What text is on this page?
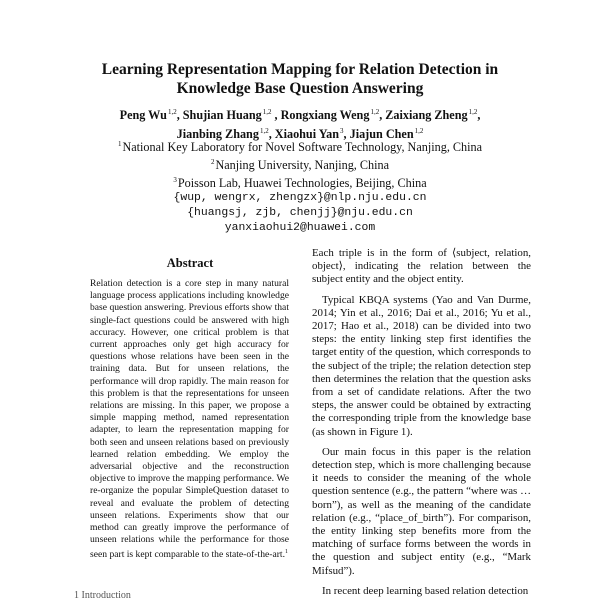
Learning Representation Mapping for Relation Detection in
Knowledge Base Question Answering
Peng Wu$^{1,2}$, Shujian Huang$^{1,2}$ , Rongxiang Weng$^{1,2}$, Zaixiang Zheng$^{1,2}$,
Jianbing Zhang$^{1,2}$, Xiaohui Yan$^3$, Jiajun Chen$^{1,2}$
$^1$National Key Laboratory for Novel Software Technology, Nanjing, China
$^2$Nanjing University, Nanjing, China
$^3$Poisson Lab, Huawei Technologies, Beijing, China
{wup, wengrx, zhengzx}@nlp.nju.edu.cn
{huangsj, zjb, chenjj}@nju.edu.cn
yanxiaohui2@huawei.com
Abstract
Relation detection is a core step in many natural language process applications including knowledge base question answering. Previous efforts show that single-fact questions could be answered with high accuracy. However, one critical problem is that current approaches only get high accuracy for questions whose relations have been seen in the training data. But for unseen relations, the performance will drop rapidly. The main reason for this problem is that the representations for unseen relations are missing. In this paper, we propose a simple mapping method, named representation adapter, to learn the representation mapping for both seen and unseen relations based on previously learned relation embedding. We employ the adversarial objective and the reconstruction objective to improve the mapping performance. We re-organize the popular SimpleQuestion dataset to reveal and evaluate the problem of detecting unseen relations. Experiments show that our method can greatly improve the performance of unseen relations while the performance for those seen part is kept comparable to the state-of-the-art.$^1$

Each triple is in the form of ⟨subject, relation, object⟩, indicating the relation between the subject entity and the object entity.

Typical KBQA systems (Yao and Van Durme, 2014; Yin et al., 2016; Dai et al., 2016; Yu et al., 2017; Hao et al., 2018) can be divided into two steps: the entity linking step first identifies the target entity of the question, which corresponds to the subject of the triple; the relation detection step then determines the relation that the question asks from a set of candidate relations. After the two steps, the answer could be obtained by extracting the corresponding triple from the knowledge base (as shown in Figure 1).

Our main focus in this paper is the relation detection step, which is more challenging because it needs to consider the meaning of the whole question sentence (e.g., the pattern “where was … born”), as well as the meaning of the candidate relation (e.g., “place_of_birth”). For comparison, the entity linking step benefits more from the matching of surface forms between the words in the question and subject entity (e.g., “Mark Mifsud”).

In recent deep learning based relation detection

1 Introduction
